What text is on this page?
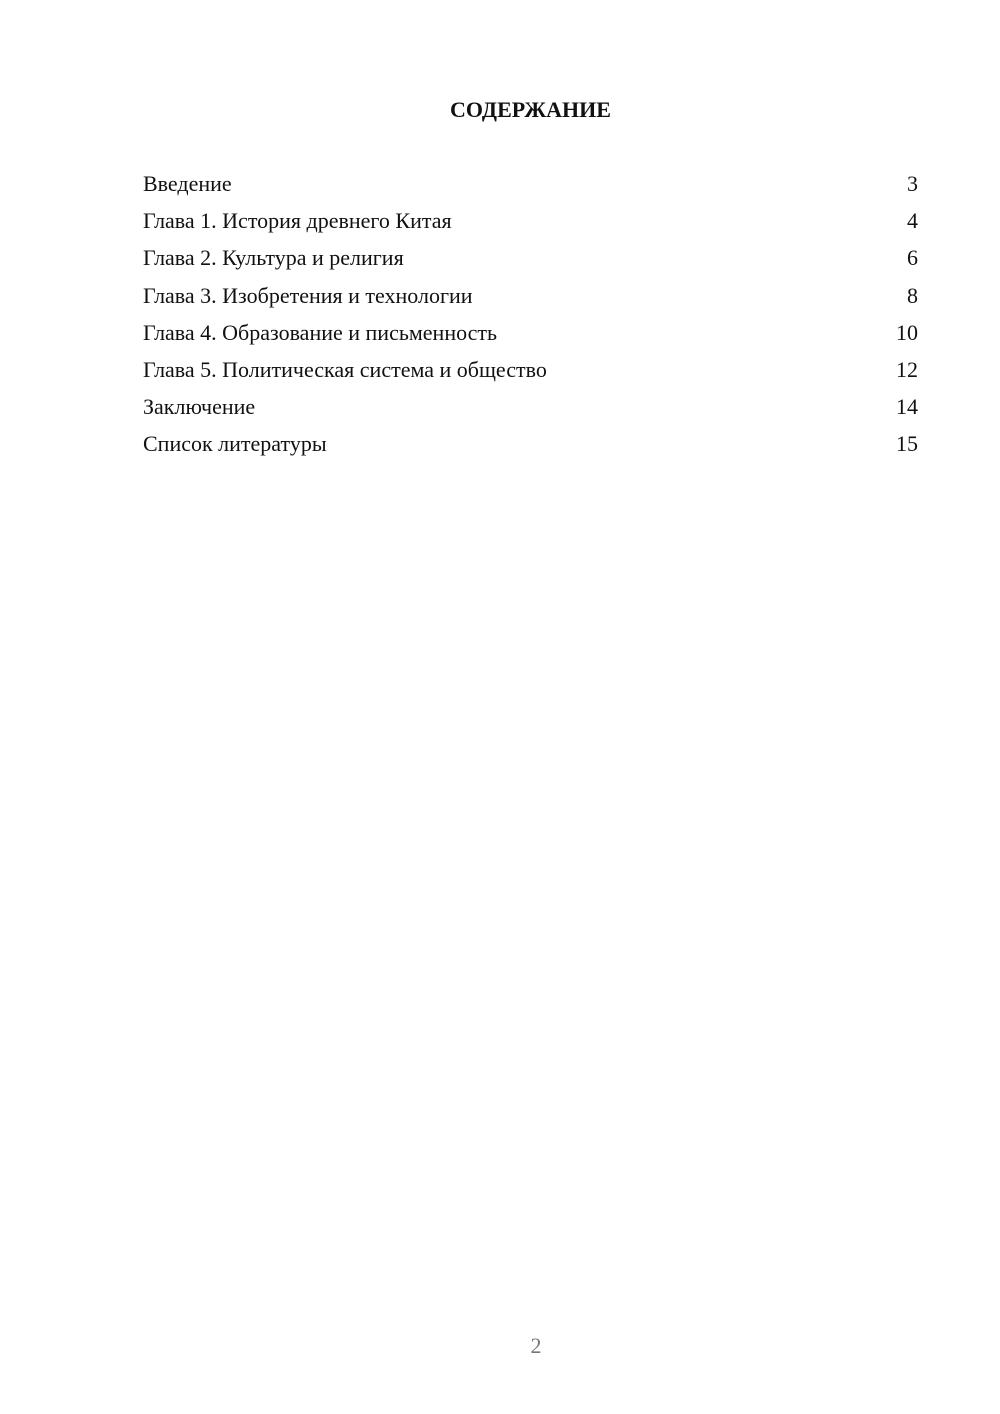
СОДЕРЖАНИЕ
Введение	3
Глава 1. История древнего Китая	4
Глава 2. Культура и религия	6
Глава 3. Изобретения и технологии	8
Глава 4. Образование и письменность	10
Глава 5. Политическая система и общество	12
Заключение	14
Список литературы	15
2
